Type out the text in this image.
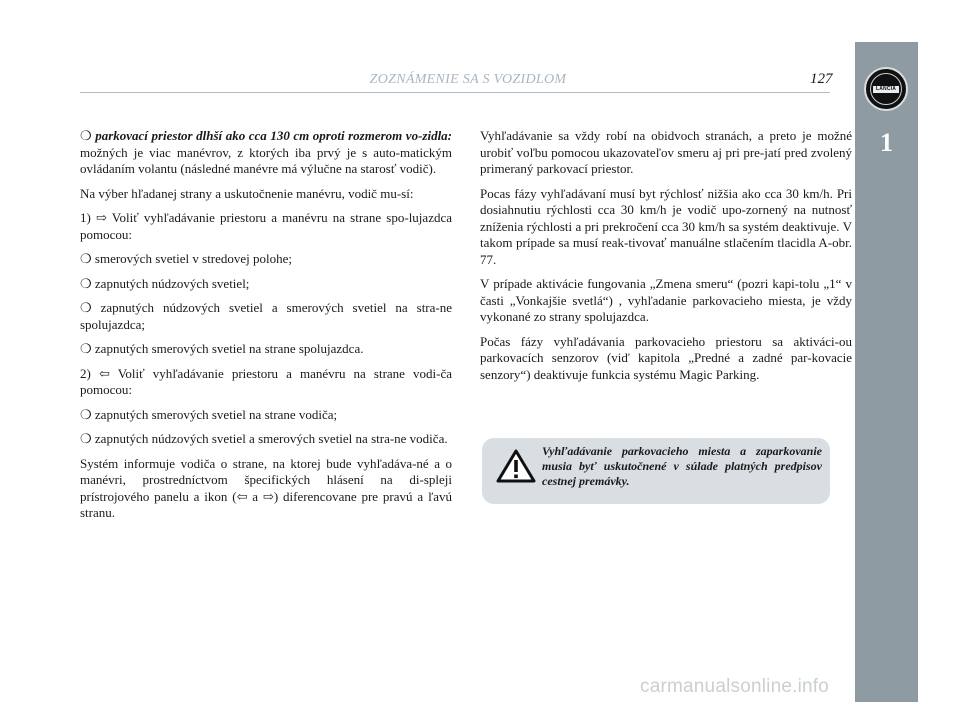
ZOZNÁMENIE SA S VOZIDLOM	127
LANCIA
1

❍ parkovací priestor dlhší ako cca 130 cm oproti rozmerom vo-zidla: možných je viac manévrov, z ktorých iba prvý je s auto-matickým ovládaním volantu (následné manévre má výlučne na starosť vodič).

Na výber hľadanej strany a uskutočnenie manévru, vodič mu-sí:

1) ⇨ Voliť vyhľadávanie priestoru a manévru na strane spo-lujazdca pomocou:

❍ smerových svetiel v stredovej polohe;

❍ zapnutých núdzových svetiel;

❍ zapnutých núdzových svetiel a smerových svetiel na stra-ne spolujazdca;

❍ zapnutých smerových svetiel na strane spolujazdca.

2) ⇦ Voliť vyhľadávanie priestoru a manévru na strane vodi-ča pomocou:

❍ zapnutých smerových svetiel na strane vodiča;

❍ zapnutých núdzových svetiel a smerových svetiel na stra-ne vodiča.

Systém informuje vodiča o strane, na ktorej bude vyhľadáva-né a o manévri, prostredníctvom špecifických hlásení na di-spleji prístrojového panelu a ikon (⇦ a ⇨) diferencovane pre pravú a ľavú stranu.

Vyhľadávanie sa vždy robí na obidvoch stranách, a preto je možné urobiť voľbu pomocou ukazovateľov smeru aj pri pre-jatí pred zvolený primeraný parkovací priestor.

Pocas fázy vyhľadávaní musí byt rýchlosť nižšia ako cca 30 km/h. Pri dosiahnutiu rýchlosti cca 30 km/h je vodič upo-zornený na nutnosť zníženia rýchlosti a pri prekročení cca 30 km/h sa systém deaktivuje. V takom prípade sa musí reak-tivovať manuálne stlačením tlacidla A-obr. 77.

V prípade aktivácie fungovania „Zmena smeru“ (pozri kapi-tolu „1“ v časti „Vonkajšie svetlá“) , vyhľadanie parkovacieho miesta, je vždy vykonané zo strany spolujazdca.

Počas fázy vyhľadávania parkovacieho priestoru sa aktiváci-ou parkovacích senzorov (viď kapitola „Predné a zadné par-kovacie senzory“) deaktivuje funkcia systému Magic Parking.

Vyhľadávanie parkovacieho miesta a zaparkovanie musia byť uskutočnené v súlade platných predpisov cestnej premávky.
carmanualsonline.info
